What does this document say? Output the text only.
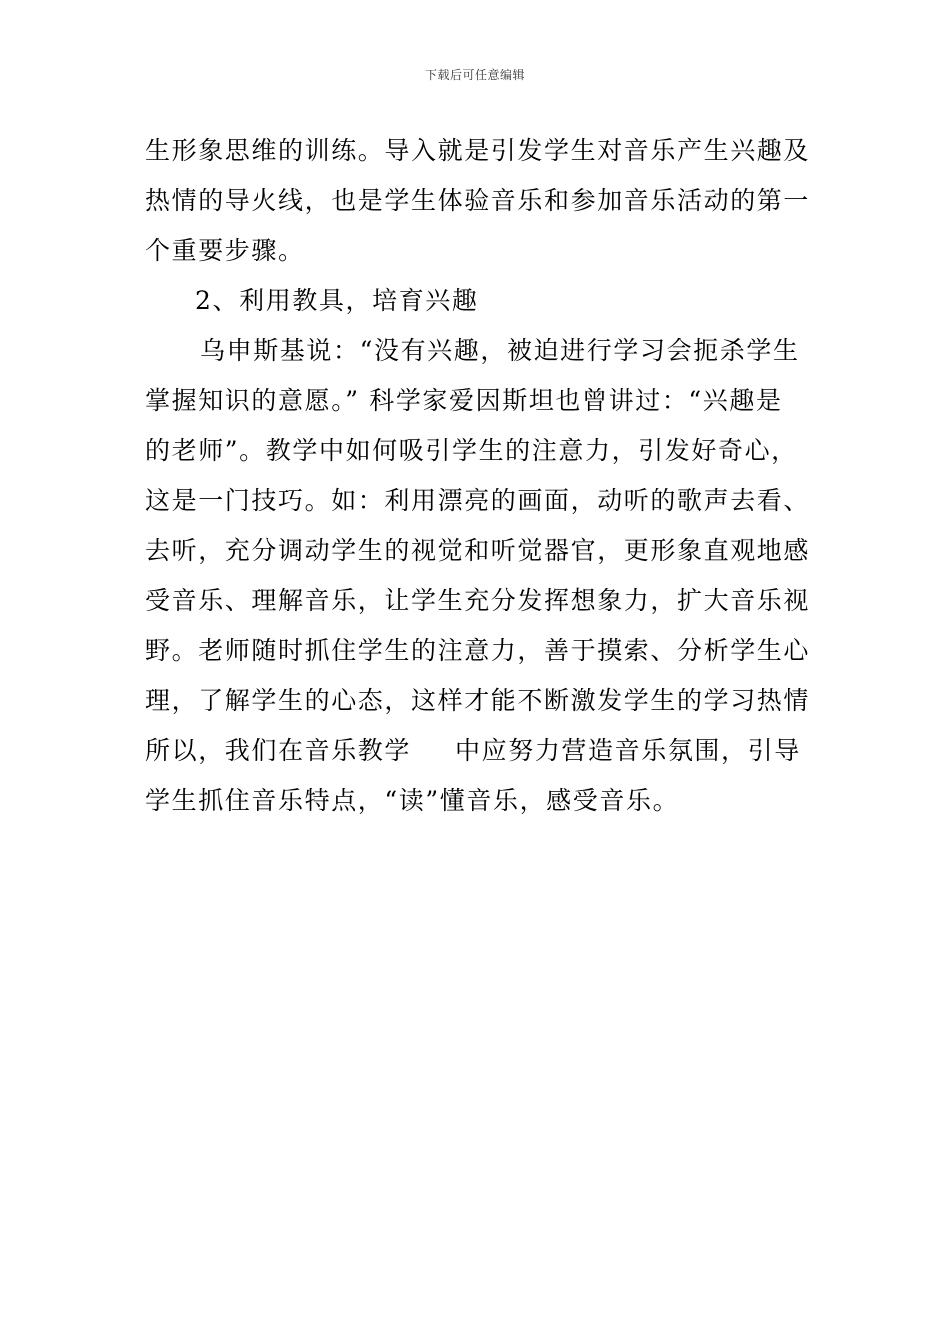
下载后可任意编辑
生形象思维的训练。导入就是引发学生对音乐产生兴趣及
热情的导火线，也是学生体验音乐和参加音乐活动的第一
个重要步骤。
2、利用教具，培育兴趣
乌申斯基说：“没有兴趣，被迫进行学习会扼杀学生
掌握知识的意愿。” 科学家爱因斯坦也曾讲过：“兴趣是
的老师”。教学中如何吸引学生的注意力，引发好奇心，
这是一门技巧。如：利用漂亮的画面，动听的歌声去看、
去听，充分调动学生的视觉和听觉器官，更形象直观地感
受音乐、理解音乐，让学生充分发挥想象力，扩大音乐视
野。老师随时抓住学生的注意力，善于摸索、分析学生心
理，了解学生的心态，这样才能不断激发学生的学习热情
所以，我们在音乐教学 中应努力营造音乐氛围，引导
学生抓住音乐特点，“读”懂音乐，感受音乐。
